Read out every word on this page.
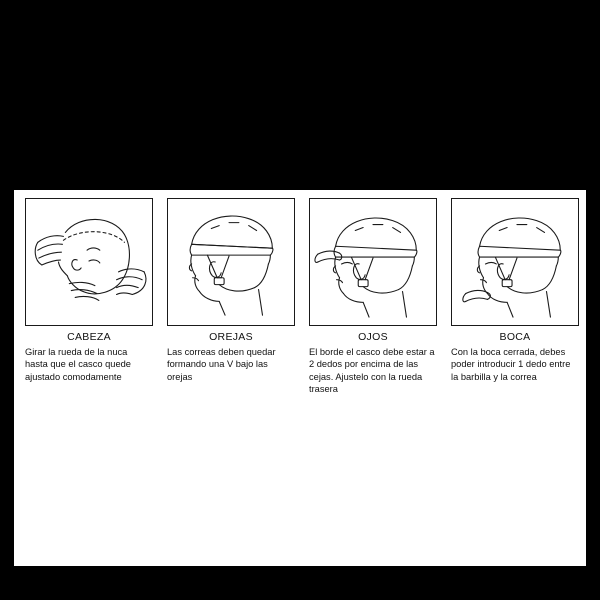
CABEZA
Girar la rueda de la nuca hasta que el casco quede ajustado comodamente
OREJAS
Las correas deben quedar formando una V bajo las orejas
OJOS
El borde el casco debe estar a 2 dedos por encima de las cejas. Ajustelo con la rueda trasera
BOCA
Con la boca cerrada, debes poder introducir 1 dedo entre la barbilla y la correa
